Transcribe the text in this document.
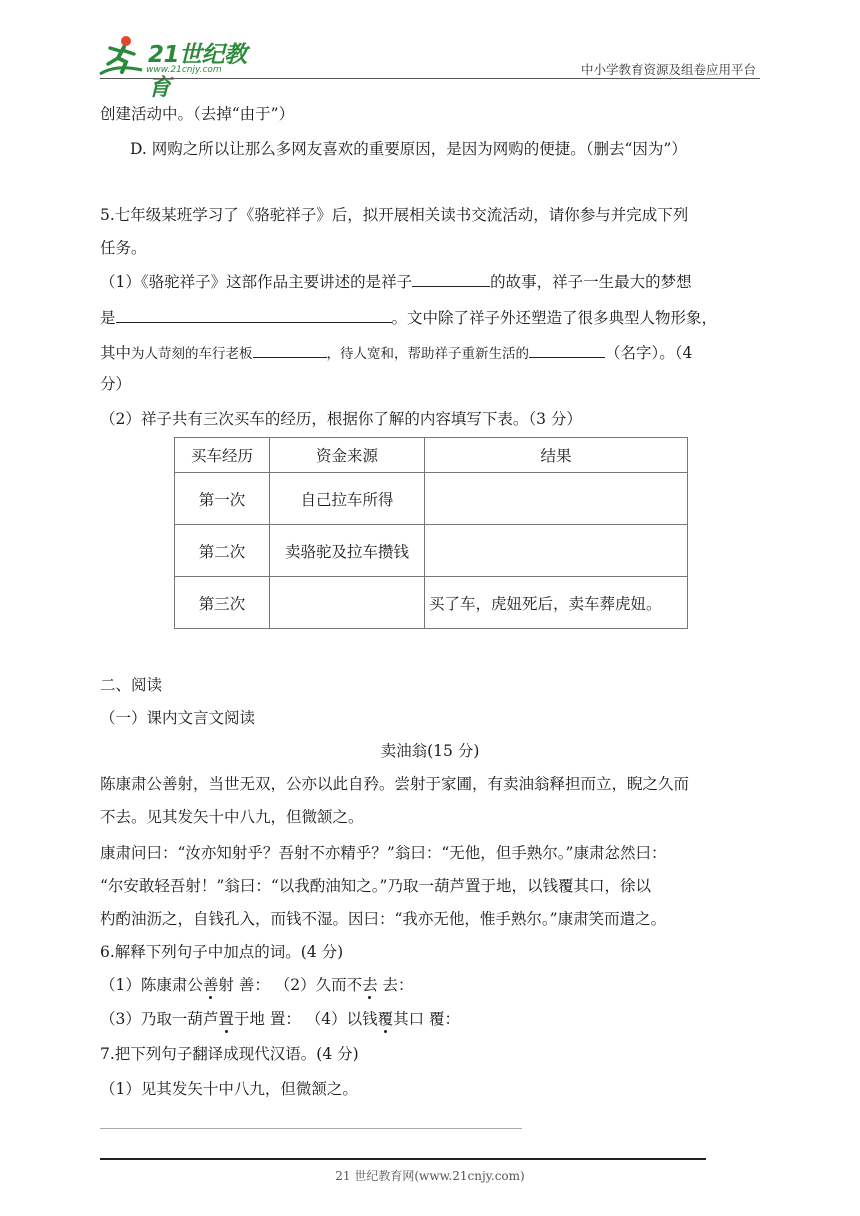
21世纪教育
www.21cnjy.com	中小学教育资源及组卷应用平台
创建活动中。（去掉“由于”）
D. 网购之所以让那么多网友喜欢的重要原因，是因为网购的便捷。（删去“因为”）
5.七年级某班学习了《骆驼祥子》后，拟开展相关读书交流活动，请你参与并完成下列
任务。
（1）《骆驼祥子》这部作品主要讲述的是祥子	的故事，祥子一生最大的梦想
是	。文中除了祥子外还塑造了很多典型人物形象，
其中为人苛刻的车行老板	，待人宽和，帮助祥子重新生活的	（名字）。（4
分）
（2）祥子共有三次买车的经历，根据你了解的内容填写下表。（3 分）
买车经历	资金来源	结果
第一次	自己拉车所得	
第二次	卖骆驼及拉车攒钱	
第三次		买了车，虎妞死后，卖车葬虎妞。
二、阅读
（一）课内文言文阅读
卖油翁(15 分)
陈康肃公善射，当世无双，公亦以此自矜。尝射于家圃，有卖油翁释担而立，睨之久而
不去。见其发矢十中八九，但微颔之。
康肃问曰：“汝亦知射乎？吾射不亦精乎？”翁曰：“无他，但手熟尔。”康肃忿然曰：
“尔安敢轻吾射！”翁曰：“以我酌油知之。”乃取一葫芦置于地，以钱覆其口，徐以
杓酌油沥之，自钱孔入，而钱不湿。因曰：“我亦无他，惟手熟尔。”康肃笑而遣之。
6.解释下列句子中加点的词。(4 分)
（1）陈康肃公善射 善： （2）久而不去 去：
（3）乃取一葫芦置于地 置： （4）以钱覆其口 覆：
7.把下列句子翻译成现代汉语。(4 分)
（1）见其发矢十中八九，但微颔之。
21 世纪教育网(www.21cnjy.com)
